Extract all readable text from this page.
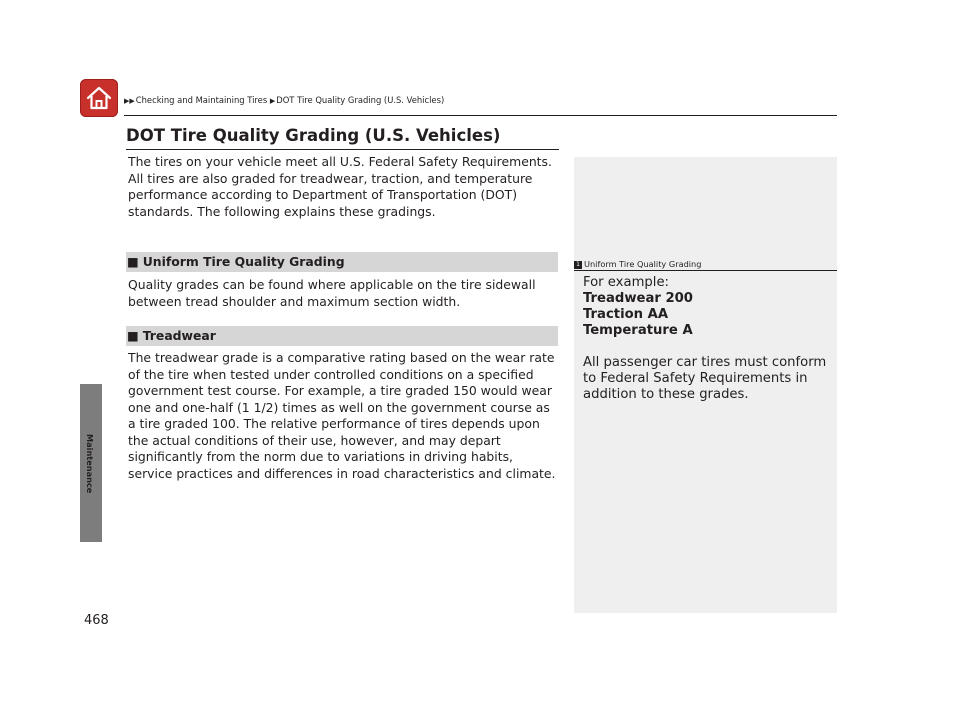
▶▶Checking and Maintaining Tires ▶DOT Tire Quality Grading (U.S. Vehicles)
Maintenance
DOT Tire Quality Grading (U.S. Vehicles)
The tires on your vehicle meet all U.S. Federal Safety Requirements. All tires are also graded for treadwear, traction, and temperature performance according to Department of Transportation (DOT) standards. The following explains these gradings.
■ Uniform Tire Quality Grading
Quality grades can be found where applicable on the tire sidewall between tread shoulder and maximum section width.
■ Treadwear
The treadwear grade is a comparative rating based on the wear rate of the tire when tested under controlled conditions on a specified government test course. For example, a tire graded 150 would wear one and one-half (1 1/2) times as well on the government course as a tire graded 100. The relative performance of tires depends upon the actual conditions of their use, however, and may depart significantly from the norm due to variations in driving habits, service practices and differences in road characteristics and climate.
1 Uniform Tire Quality Grading
For example:
Treadwear 200
Traction AA
Temperature A
All passenger car tires must conform to Federal Safety Requirements in addition to these grades.
468
